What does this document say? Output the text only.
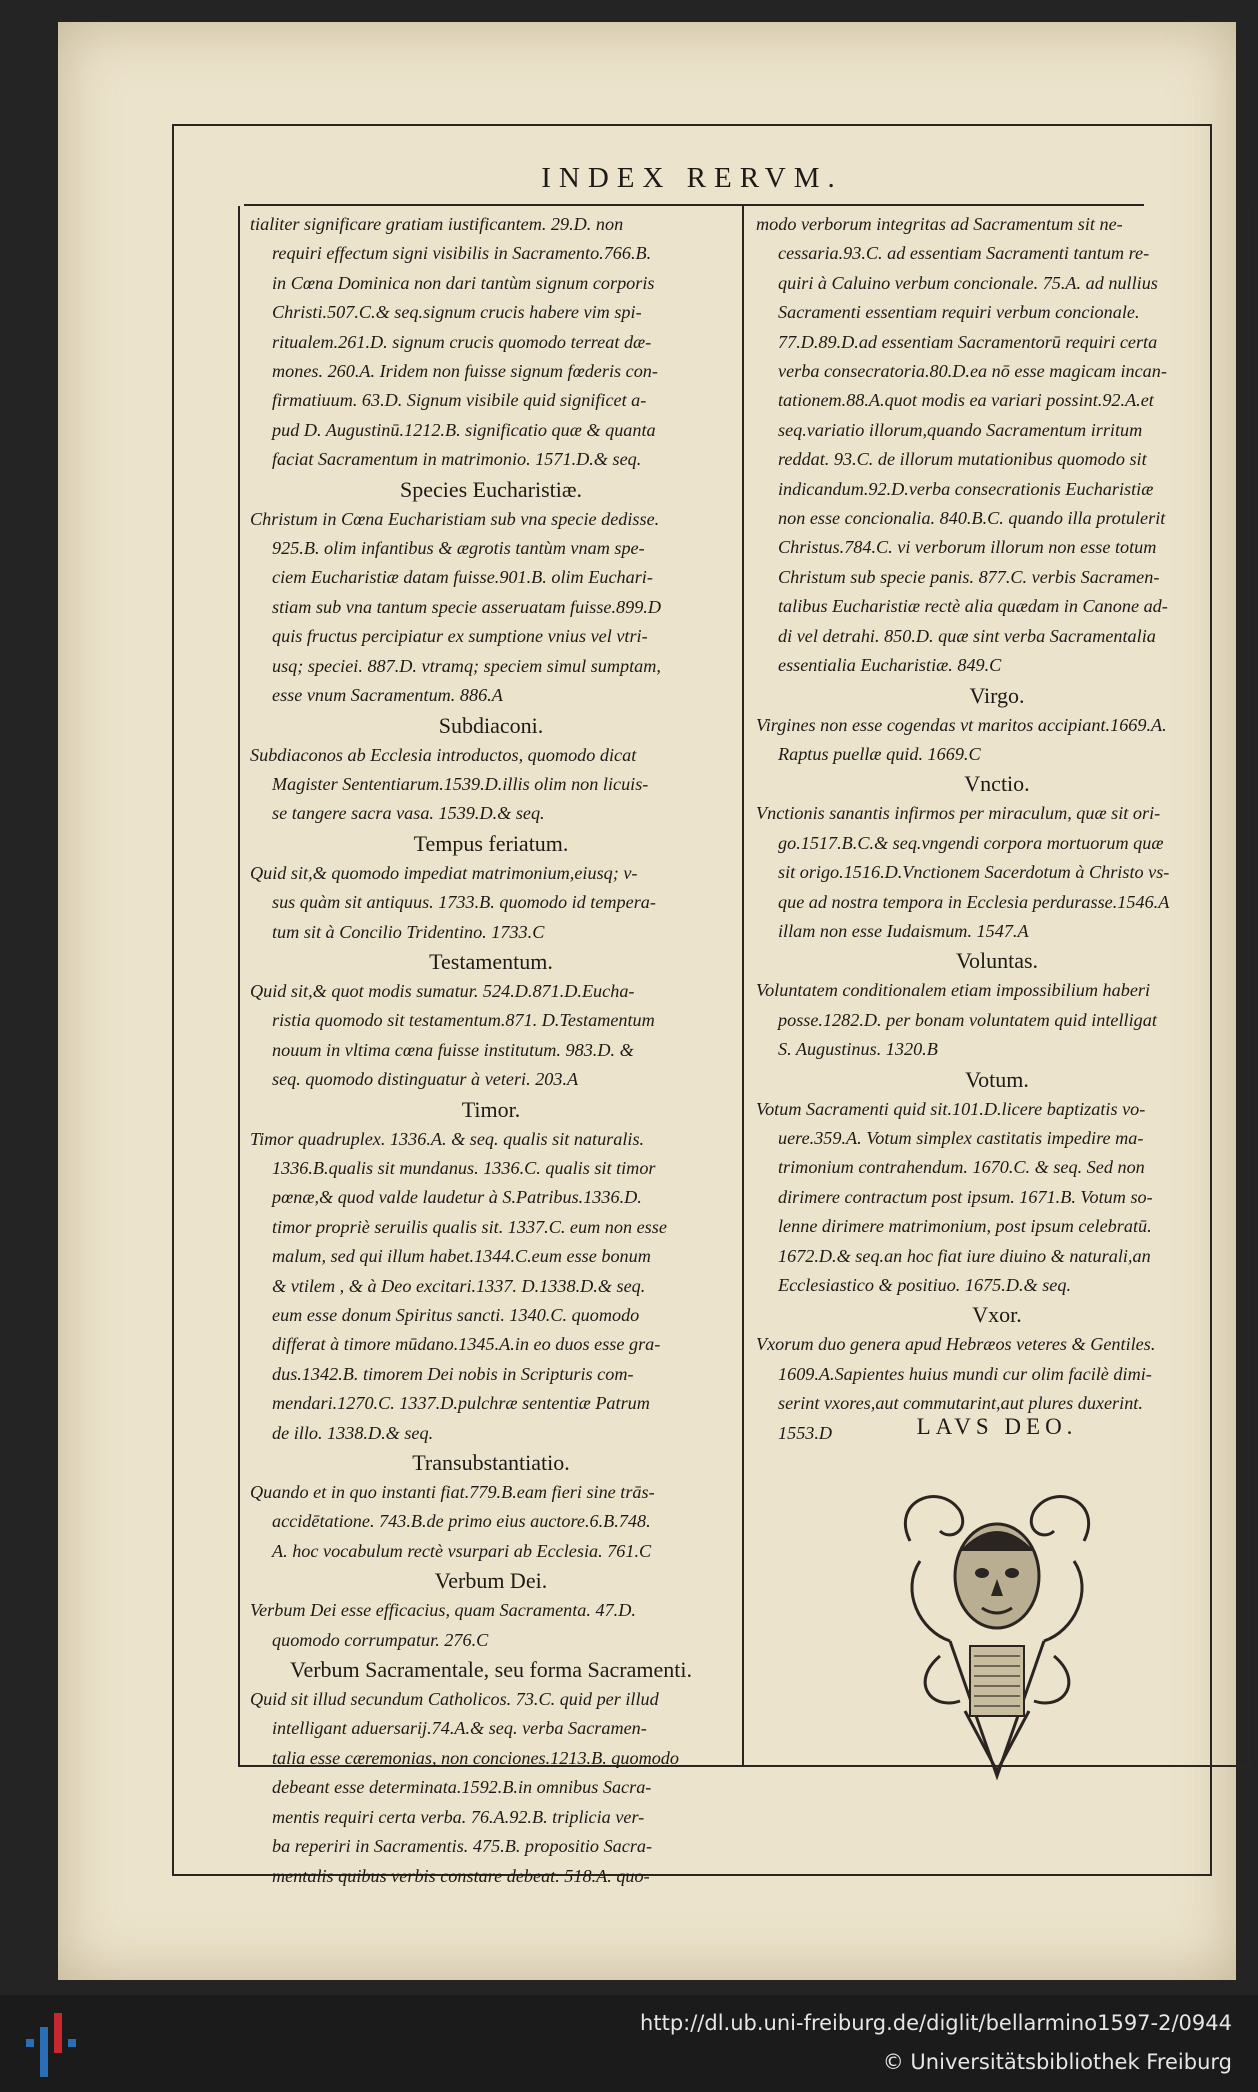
INDEX RERVM.

tialiter significare gratiam iustificantem. 29.D. non

requiri effectum signi visibilis in Sacramento.766.B.

in Cœna Dominica non dari tantùm signum corporis

Christi.507.C.& seq.signum crucis habere vim spi-

ritualem.261.D. signum crucis quomodo terreat dæ-

mones. 260.A. Iridem non fuisse signum fœderis con-

firmatiuum. 63.D. Signum visibile quid significet a-

pud D. Augustinū.1212.B. significatio quæ & quanta

faciat Sacramentum in matrimonio. 1571.D.& seq.

Species Eucharistiæ.

Christum in Cœna Eucharistiam sub vna specie dedisse.

925.B. olim infantibus & ægrotis tantùm vnam spe-

ciem Eucharistiæ datam fuisse.901.B. olim Euchari-

stiam sub vna tantum specie asseruatam fuisse.899.D

quis fructus percipiatur ex sumptione vnius vel vtri-

usq; speciei. 887.D. vtramq; speciem simul sumptam,

esse vnum Sacramentum. 886.A

Subdiaconi.

Subdiaconos ab Ecclesia introductos, quomodo dicat

Magister Sententiarum.1539.D.illis olim non licuis-

se tangere sacra vasa. 1539.D.& seq.

Tempus feriatum.

Quid sit,& quomodo impediat matrimonium,eiusq; v-

sus quàm sit antiquus. 1733.B. quomodo id tempera-

tum sit à Concilio Tridentino. 1733.C

Testamentum.

Quid sit,& quot modis sumatur. 524.D.871.D.Eucha-

ristia quomodo sit testamentum.871. D.Testamentum

nouum in vltima cœna fuisse institutum. 983.D. &

seq. quomodo distinguatur à veteri. 203.A

Timor.

Timor quadruplex. 1336.A. & seq. qualis sit naturalis.

1336.B.qualis sit mundanus. 1336.C. qualis sit timor

pœnæ,& quod valde laudetur à S.Patribus.1336.D.

timor propriè seruilis qualis sit. 1337.C. eum non esse

malum, sed qui illum habet.1344.C.eum esse bonum

& vtilem , & à Deo excitari.1337. D.1338.D.& seq.

eum esse donum Spiritus sancti. 1340.C. quomodo

differat à timore mūdano.1345.A.in eo duos esse gra-

dus.1342.B. timorem Dei nobis in Scripturis com-

mendari.1270.C. 1337.D.pulchræ sententiæ Patrum

de illo. 1338.D.& seq.

Transubstantiatio.

Quando et in quo instanti fiat.779.B.eam fieri sine trās-

accidētatione. 743.B.de primo eius auctore.6.B.748.

A. hoc vocabulum rectè vsurpari ab Ecclesia. 761.C

Verbum Dei.

Verbum Dei esse efficacius, quam Sacramenta. 47.D.

quomodo corrumpatur. 276.C

Verbum Sacramentale, seu forma Sacramenti.

Quid sit illud secundum Catholicos. 73.C. quid per illud

intelligant aduersarij.74.A.& seq. verba Sacramen-

talia esse cæremonias, non conciones.1213.B. quomodo

debeant esse determinata.1592.B.in omnibus Sacra-

mentis requiri certa verba. 76.A.92.B. triplicia ver-

ba reperiri in Sacramentis. 475.B. propositio Sacra-

mentalis quibus verbis constare debeat. 518.A. quo-

modo verborum integritas ad Sacramentum sit ne-

cessaria.93.C. ad essentiam Sacramenti tantum re-

quiri à Caluino verbum concionale. 75.A. ad nullius

Sacramenti essentiam requiri verbum concionale.

77.D.89.D.ad essentiam Sacramentorū requiri certa

verba consecratoria.80.D.ea nō esse magicam incan-

tationem.88.A.quot modis ea variari possint.92.A.et

seq.variatio illorum,quando Sacramentum irritum

reddat. 93.C. de illorum mutationibus quomodo sit

indicandum.92.D.verba consecrationis Eucharistiæ

non esse concionalia. 840.B.C. quando illa protulerit

Christus.784.C. vi verborum illorum non esse totum

Christum sub specie panis. 877.C. verbis Sacramen-

talibus Eucharistiæ rectè alia quædam in Canone ad-

di vel detrahi. 850.D. quæ sint verba Sacramentalia

essentialia Eucharistiæ. 849.C

Virgo.

Virgines non esse cogendas vt maritos accipiant.1669.A.

Raptus puellæ quid. 1669.C

Vnctio.

Vnctionis sanantis infirmos per miraculum, quæ sit ori-

go.1517.B.C.& seq.vngendi corpora mortuorum quæ

sit origo.1516.D.Vnctionem Sacerdotum à Christo vs-

que ad nostra tempora in Ecclesia perdurasse.1546.A

illam non esse Iudaismum. 1547.A

Voluntas.

Voluntatem conditionalem etiam impossibilium haberi

posse.1282.D. per bonam voluntatem quid intelligat

S. Augustinus. 1320.B

Votum.

Votum Sacramenti quid sit.101.D.licere baptizatis vo-

uere.359.A. Votum simplex castitatis impedire ma-

trimonium contrahendum. 1670.C. & seq. Sed non

dirimere contractum post ipsum. 1671.B. Votum so-

lenne dirimere matrimonium, post ipsum celebratū.

1672.D.& seq.an hoc fiat iure diuino & naturali,an

Ecclesiastico & positiuo. 1675.D.& seq.

Vxor.

Vxorum duo genera apud Hebræos veteres & Gentiles.

1609.A.Sapientes huius mundi cur olim facilè dimi-

serint vxores,aut commutarint,aut plures duxerint.

1553.D	LAVS DEO.
http://dl.ub.uni-freiburg.de/diglit/bellarmino1597-2/0944
© Universitätsbibliothek Freiburg
